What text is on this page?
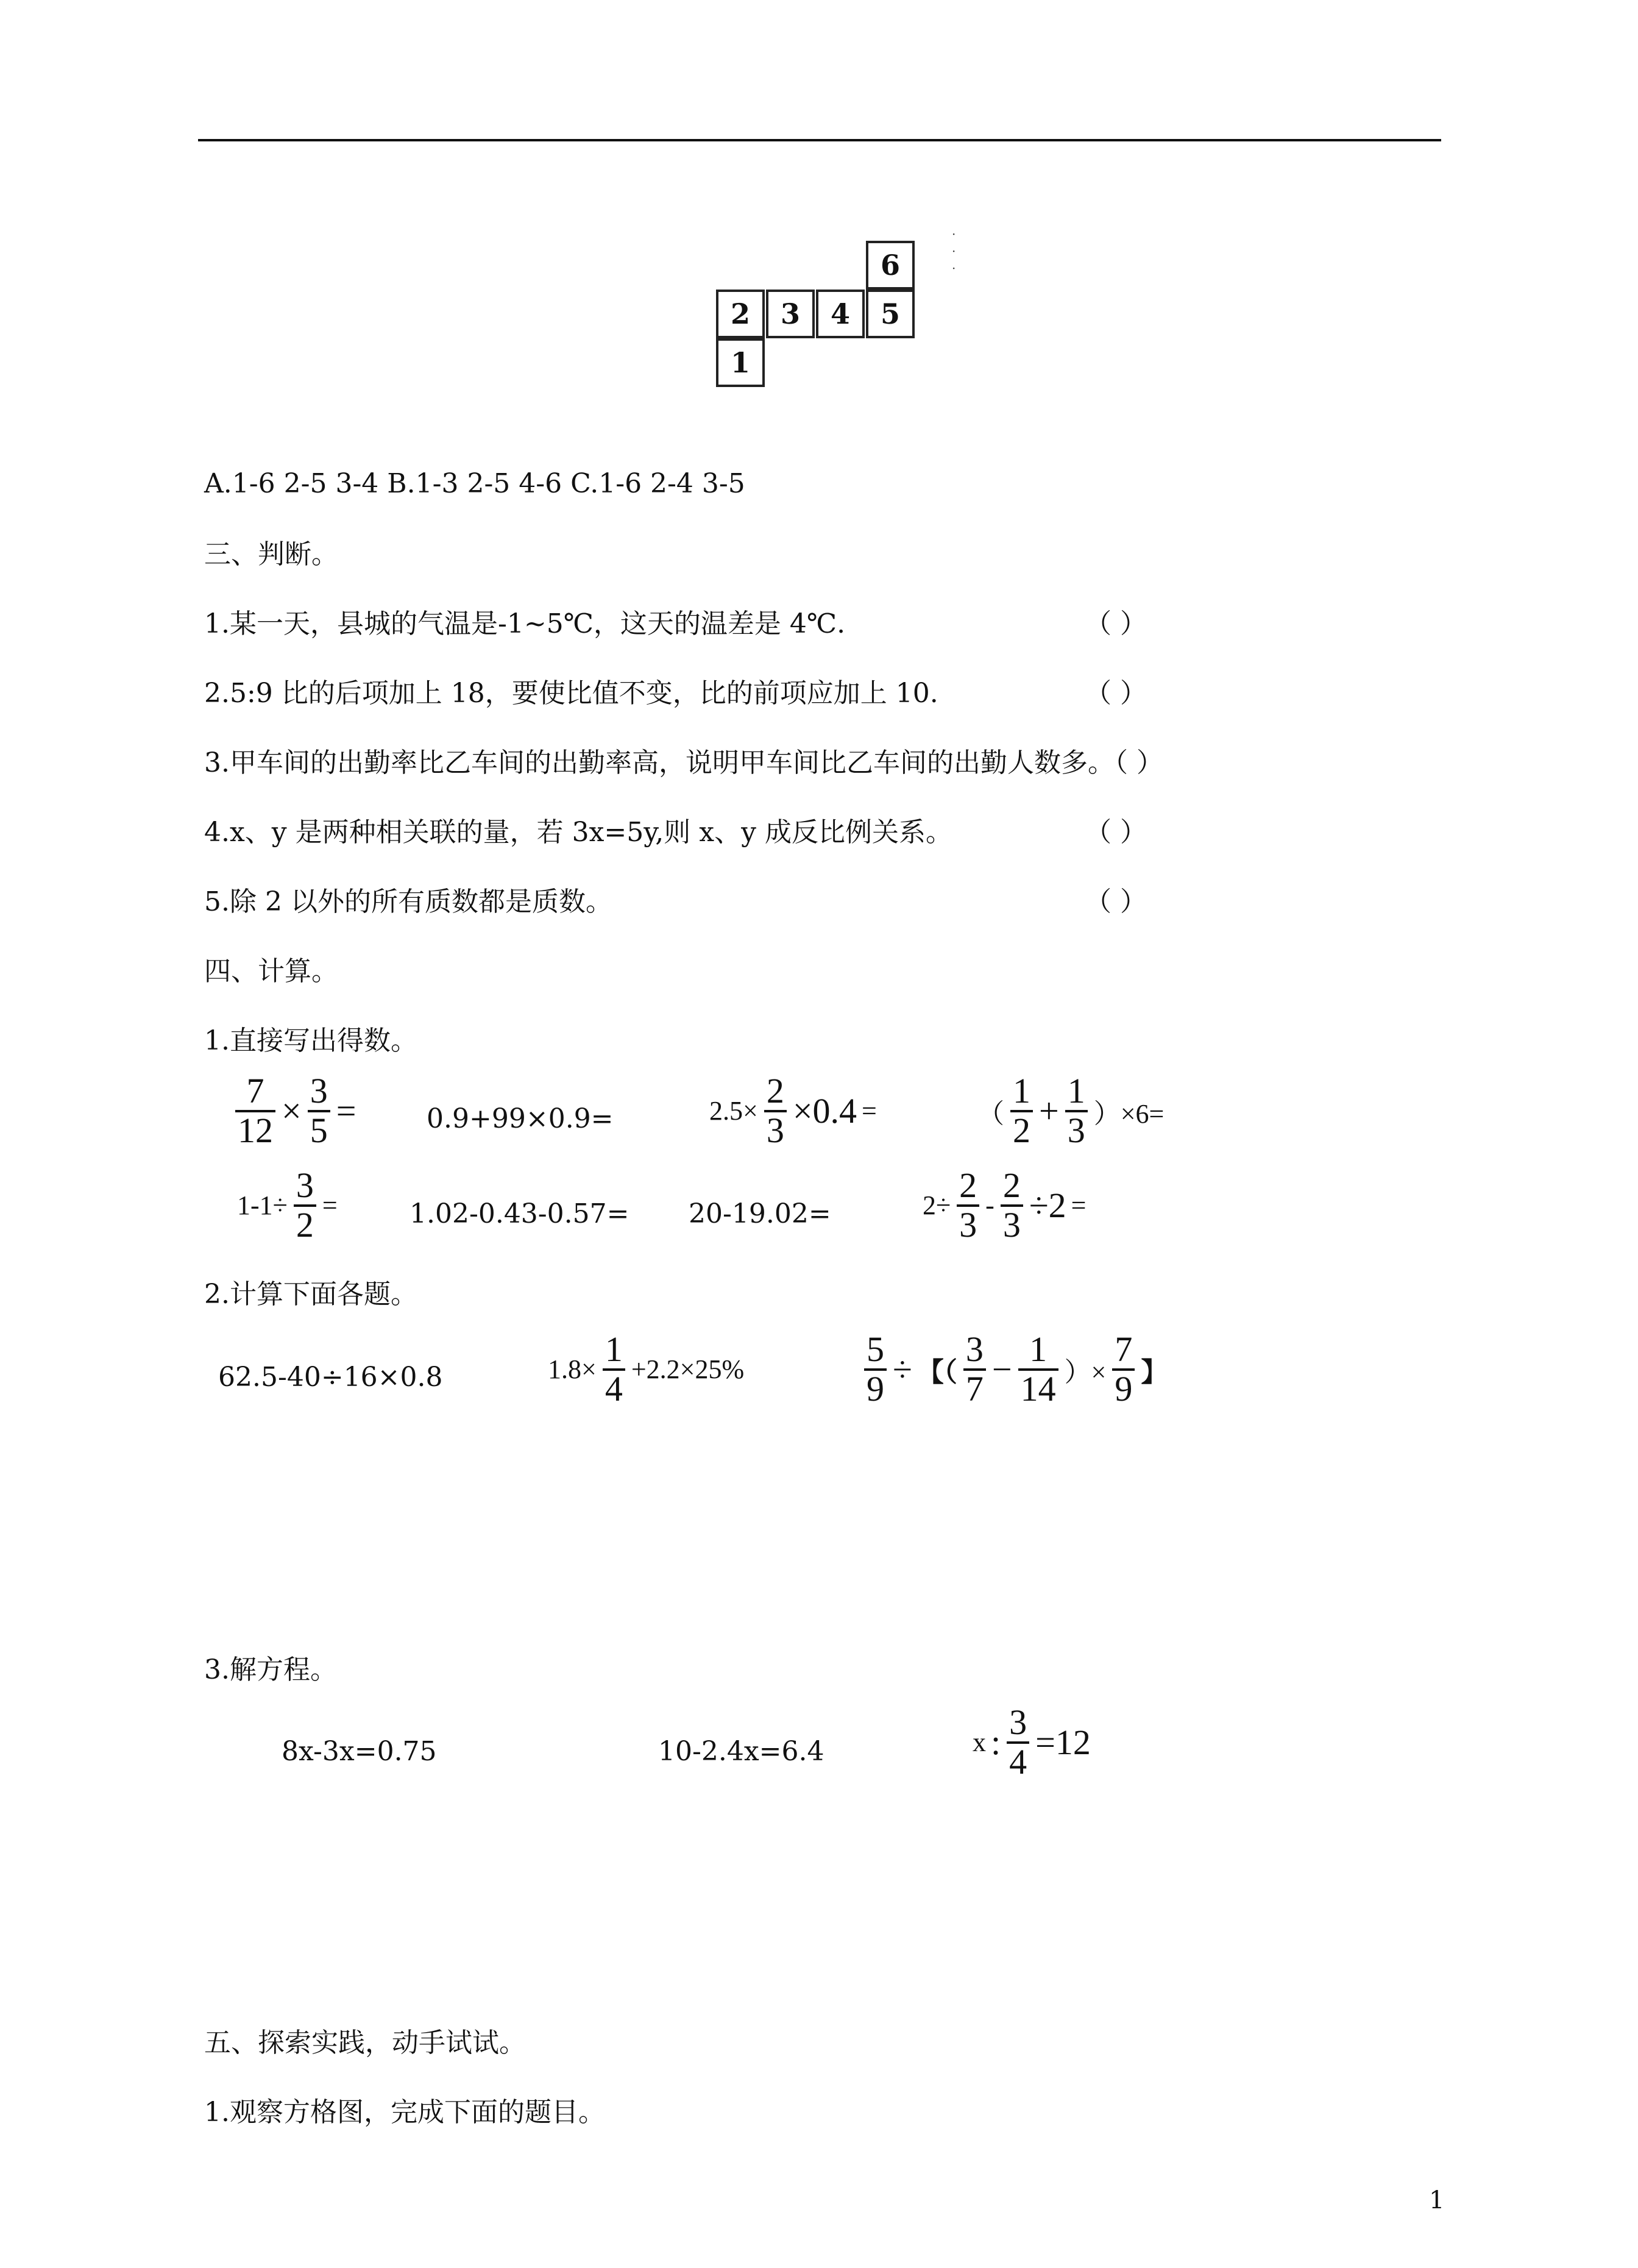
6
2	3	4	5
1
·
·
·
A.1-6 2-5 3-4 B.1-3 2-5 4-6 C.1-6 2-4 3-5
三、判断。
1.某一天，县城的气温是-1~5℃，这天的温差是 4℃.	（ ）
2.5:9 比的后项加上 18，要使比值不变，比的前项应加上 10.	（ ）
3.甲车间的出勤率比乙车间的出勤率高，说明甲车间比乙车间的出勤人数多。（ ）
4.x、y 是两种相关联的量，若 3x=5y,则 x、y 成反比例关系。	（ ）
5.除 2 以外的所有质数都是质数。	（ ）
四、计算。
1.直接写出得数。
$\frac{7}{12} \times \frac{3}{5}$ =	0.9+99×0.9=	$2.5\times \frac{2}{3} \times 0.4$ =	（ $\frac{1}{2} + \frac{1}{3} )\times 6=$
$1-1\div \frac{3}{2}$ =	1.02-0.43-0.57= 20-19.02=	$2\div \frac{2}{3} - \frac{2}{3} \div 2$ =
2.计算下面各题。
62.5-40÷16×0.8	$1.8\times \frac{1}{4} +2.2\times 25\%$	$\frac{5}{9}$ ÷ 【（ $\frac{3}{7} - \frac{1}{14}$ ）× $\frac{7}{9}$ 】
3.解方程。
8x-3x=0.75	10-2.4x=6.4	x : $\frac{3}{4} =12$
五、探索实践，动手试试。
1.观察方格图，完成下面的题目。
1
